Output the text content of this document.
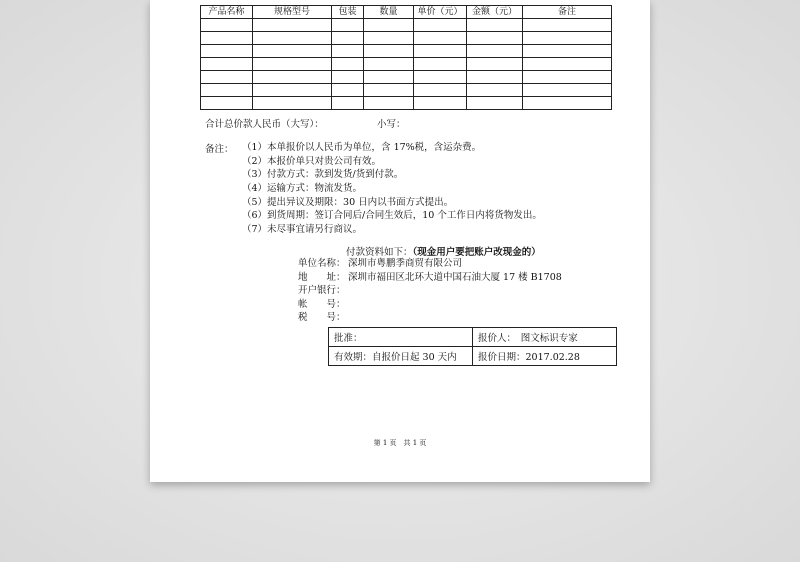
产品名称	规格型号	包装	数量	单价（元）	金额（元）	备注

合计总价款人民币（大写）：	小写：
备注： （1）本单报价以人民币为单位，含 17%税，含运杂费。
（2）本报价单只对贵公司有效。
（3）付款方式：款到发货/货到付款。
（4）运输方式：物流发货。
（5）提出异议及期限：30 日内以书面方式提出。
（6）到货周期：签订合同后/合同生效后，10 个工作日内将货物发出。
（7）未尽事宜请另行商议。
付款资料如下：（现金用户要把账户改现金的）
单位名称： 深圳市粤鹏季商贸有限公司
地　　址： 深圳市福田区北环大道中国石油大厦 17 楼 B1708
开户银行：
帐　　号：
税　　号：
批准：	报价人：　图文标识专家
有效期：自报价日起 30 天内	报价日期：2017.02.28
第 1 页　共 1 页
